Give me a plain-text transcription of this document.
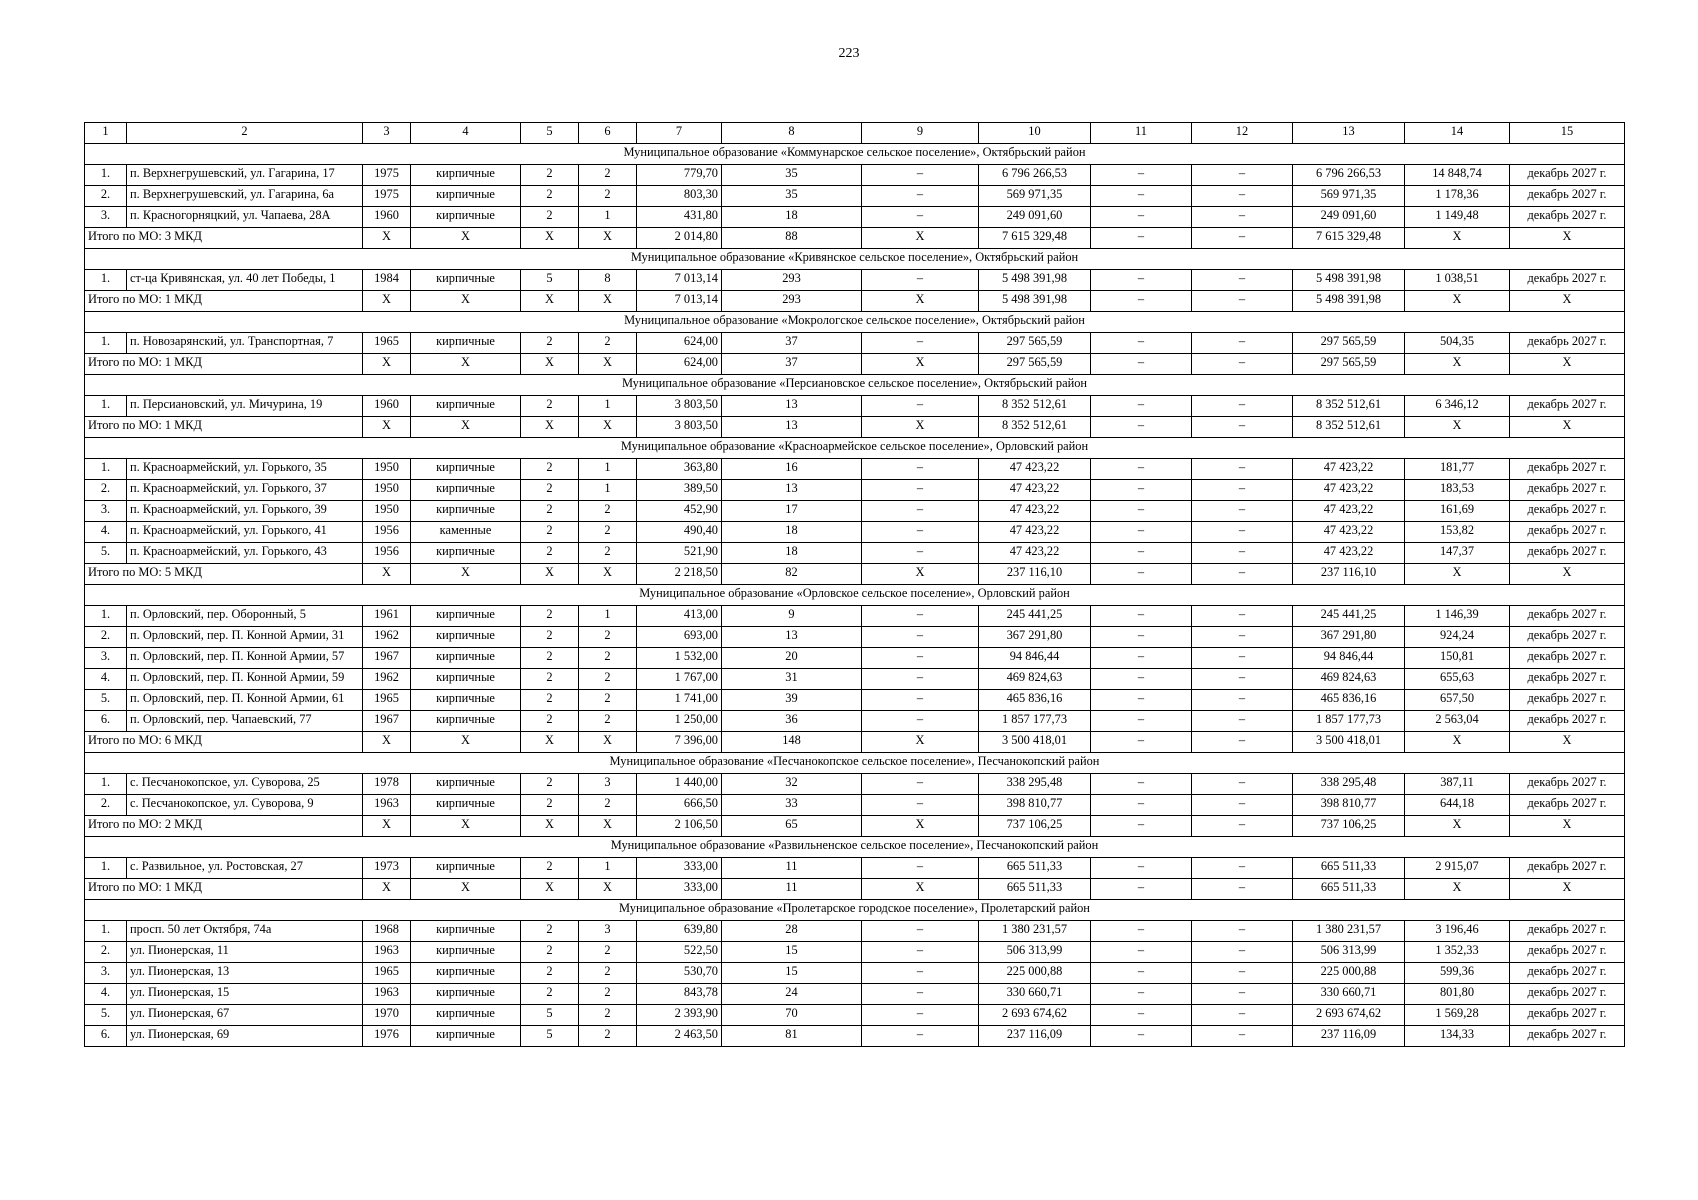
223
1	2	3	4	5	6	7	8	9	10	11	12	13	14	15
Муниципальное образование «Коммунарское сельское поселение», Октябрьский район														
1.	п. Верхнегрушевский, ул. Гагарина, 17	1975	кирпичные	2	2	779,70	35	–	6 796 266,53	–	–	6 796 266,53	14 848,74	декабрь 2027 г.
2.	п. Верхнегрушевский, ул. Гагарина, 6а	1975	кирпичные	2	2	803,30	35	–	569 971,35	–	–	569 971,35	1 178,36	декабрь 2027 г.
3.	п. Красногорняцкий, ул. Чапаева, 28А	1960	кирпичные	2	1	431,80	18	–	249 091,60	–	–	249 091,60	1 149,48	декабрь 2027 г.
Итого по МО: 3 МКД		X	X	X	X	2 014,80	88	X	7 615 329,48	–	–	7 615 329,48	X	X
Муниципальное образование «Кривянское сельское поселение», Октябрьский район														
1.	ст-ца Кривянская, ул. 40 лет Победы, 1	1984	кирпичные	5	8	7 013,14	293	–	5 498 391,98	–	–	5 498 391,98	1 038,51	декабрь 2027 г.
Итого по МО: 1 МКД		X	X	X	X	7 013,14	293	X	5 498 391,98	–	–	5 498 391,98	X	X
Муниципальное образование «Мокрологское сельское поселение», Октябрьский район														
1.	п. Новозарянский, ул. Транспортная, 7	1965	кирпичные	2	2	624,00	37	–	297 565,59	–	–	297 565,59	504,35	декабрь 2027 г.
Итого по МО: 1 МКД		X	X	X	X	624,00	37	X	297 565,59	–	–	297 565,59	X	X
Муниципальное образование «Персиановское сельское поселение», Октябрьский район														
1.	п. Персиановский, ул. Мичурина, 19	1960	кирпичные	2	1	3 803,50	13	–	8 352 512,61	–	–	8 352 512,61	6 346,12	декабрь 2027 г.
Итого по МО: 1 МКД		X	X	X	X	3 803,50	13	X	8 352 512,61	–	–	8 352 512,61	X	X
Муниципальное образование «Красноармейское сельское поселение», Орловский район														
1.	п. Красноармейский, ул. Горького, 35	1950	кирпичные	2	1	363,80	16	–	47 423,22	–	–	47 423,22	181,77	декабрь 2027 г.
2.	п. Красноармейский, ул. Горького, 37	1950	кирпичные	2	1	389,50	13	–	47 423,22	–	–	47 423,22	183,53	декабрь 2027 г.
3.	п. Красноармейский, ул. Горького, 39	1950	кирпичные	2	2	452,90	17	–	47 423,22	–	–	47 423,22	161,69	декабрь 2027 г.
4.	п. Красноармейский, ул. Горького, 41	1956	каменные	2	2	490,40	18	–	47 423,22	–	–	47 423,22	153,82	декабрь 2027 г.
5.	п. Красноармейский, ул. Горького, 43	1956	кирпичные	2	2	521,90	18	–	47 423,22	–	–	47 423,22	147,37	декабрь 2027 г.
Итого по МО: 5 МКД		X	X	X	X	2 218,50	82	X	237 116,10	–	–	237 116,10	X	X
Муниципальное образование «Орловское сельское поселение», Орловский район														
1.	п. Орловский, пер. Оборонный, 5	1961	кирпичные	2	1	413,00	9	–	245 441,25	–	–	245 441,25	1 146,39	декабрь 2027 г.
2.	п. Орловский, пер. П. Конной Армии, 31	1962	кирпичные	2	2	693,00	13	–	367 291,80	–	–	367 291,80	924,24	декабрь 2027 г.
3.	п. Орловский, пер. П. Конной Армии, 57	1967	кирпичные	2	2	1 532,00	20	–	94 846,44	–	–	94 846,44	150,81	декабрь 2027 г.
4.	п. Орловский, пер. П. Конной Армии, 59	1962	кирпичные	2	2	1 767,00	31	–	469 824,63	–	–	469 824,63	655,63	декабрь 2027 г.
5.	п. Орловский, пер. П. Конной Армии, 61	1965	кирпичные	2	2	1 741,00	39	–	465 836,16	–	–	465 836,16	657,50	декабрь 2027 г.
6.	п. Орловский, пер. Чапаевский, 77	1967	кирпичные	2	2	1 250,00	36	–	1 857 177,73	–	–	1 857 177,73	2 563,04	декабрь 2027 г.
Итого по МО: 6 МКД		X	X	X	X	7 396,00	148	X	3 500 418,01	–	–	3 500 418,01	X	X
Муниципальное образование «Песчанокопское сельское поселение», Песчанокопский район														
1.	с. Песчанокопское, ул. Суворова, 25	1978	кирпичные	2	3	1 440,00	32	–	338 295,48	–	–	338 295,48	387,11	декабрь 2027 г.
2.	с. Песчанокопское, ул. Суворова, 9	1963	кирпичные	2	2	666,50	33	–	398 810,77	–	–	398 810,77	644,18	декабрь 2027 г.
Итого по МО: 2 МКД		X	X	X	X	2 106,50	65	X	737 106,25	–	–	737 106,25	X	X
Муниципальное образование «Развильненское сельское поселение», Песчанокопский район														
1.	с. Развильное, ул. Ростовская, 27	1973	кирпичные	2	1	333,00	11	–	665 511,33	–	–	665 511,33	2 915,07	декабрь 2027 г.
Итого по МО: 1 МКД		X	X	X	X	333,00	11	X	665 511,33	–	–	665 511,33	X	X
Муниципальное образование «Пролетарское городское поселение», Пролетарский район														
1.	просп. 50 лет Октября, 74а	1968	кирпичные	2	3	639,80	28	–	1 380 231,57	–	–	1 380 231,57	3 196,46	декабрь 2027 г.
2.	ул. Пионерская, 11	1963	кирпичные	2	2	522,50	15	–	506 313,99	–	–	506 313,99	1 352,33	декабрь 2027 г.
3.	ул. Пионерская, 13	1965	кирпичные	2	2	530,70	15	–	225 000,88	–	–	225 000,88	599,36	декабрь 2027 г.
4.	ул. Пионерская, 15	1963	кирпичные	2	2	843,78	24	–	330 660,71	–	–	330 660,71	801,80	декабрь 2027 г.
5.	ул. Пионерская, 67	1970	кирпичные	5	2	2 393,90	70	–	2 693 674,62	–	–	2 693 674,62	1 569,28	декабрь 2027 г.
6.	ул. Пионерская, 69	1976	кирпичные	5	2	2 463,50	81	–	237 116,09	–	–	237 116,09	134,33	декабрь 2027 г.
